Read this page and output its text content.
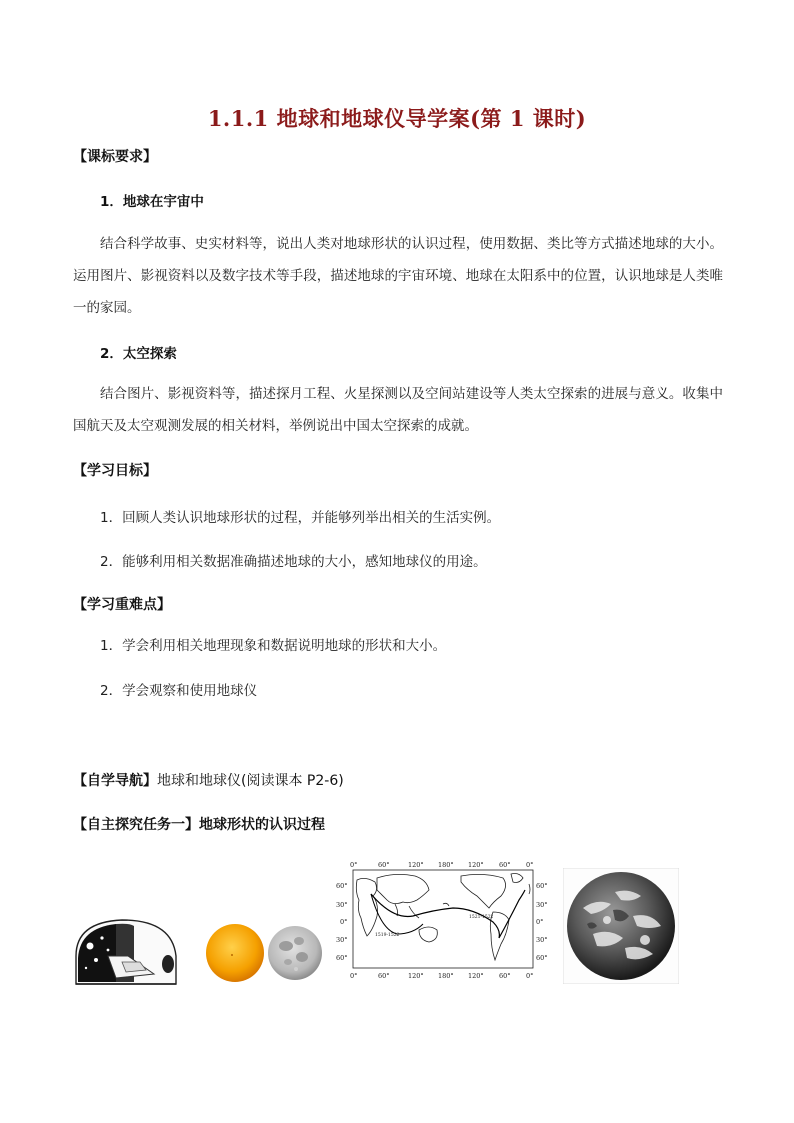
1.1.1 地球和地球仪导学案(第 1 课时)
【课标要求】
1．地球在宇宙中
结合科学故事、史实材料等，说出人类对地球形状的认识过程，使用数据、类比等方式描述地球的大小。运用图片、影视资料以及数字技术等手段，描述地球的宇宙环境、地球在太阳系中的位置，认识地球是人类唯一的家园。
2．太空探索
结合图片、影视资料等，描述探月工程、火星探测以及空间站建设等人类太空探索的进展与意义。收集中国航天及太空观测发展的相关材料，举例说出中国太空探索的成就。
【学习目标】
1．回顾人类认识地球形状的过程，并能够列举出相关的生活实例。
2．能够利用相关数据准确描述地球的大小，感知地球仪的用途。
【学习重难点】
1．学会利用相关地理现象和数据说明地球的形状和大小。
2．学会观察和使用地球仪
【自学导航】地球和地球仪(阅读课本 P2-6)
【自主探究任务一】地球形状的认识过程
0°	60°	120° 180° 120° 60° 0°
0°	60°	120° 180° 120° 60° 0°
60°
30°
0°
30°
60°
60°
30°
0°
30°
60°
1519-1522
1521-1522
